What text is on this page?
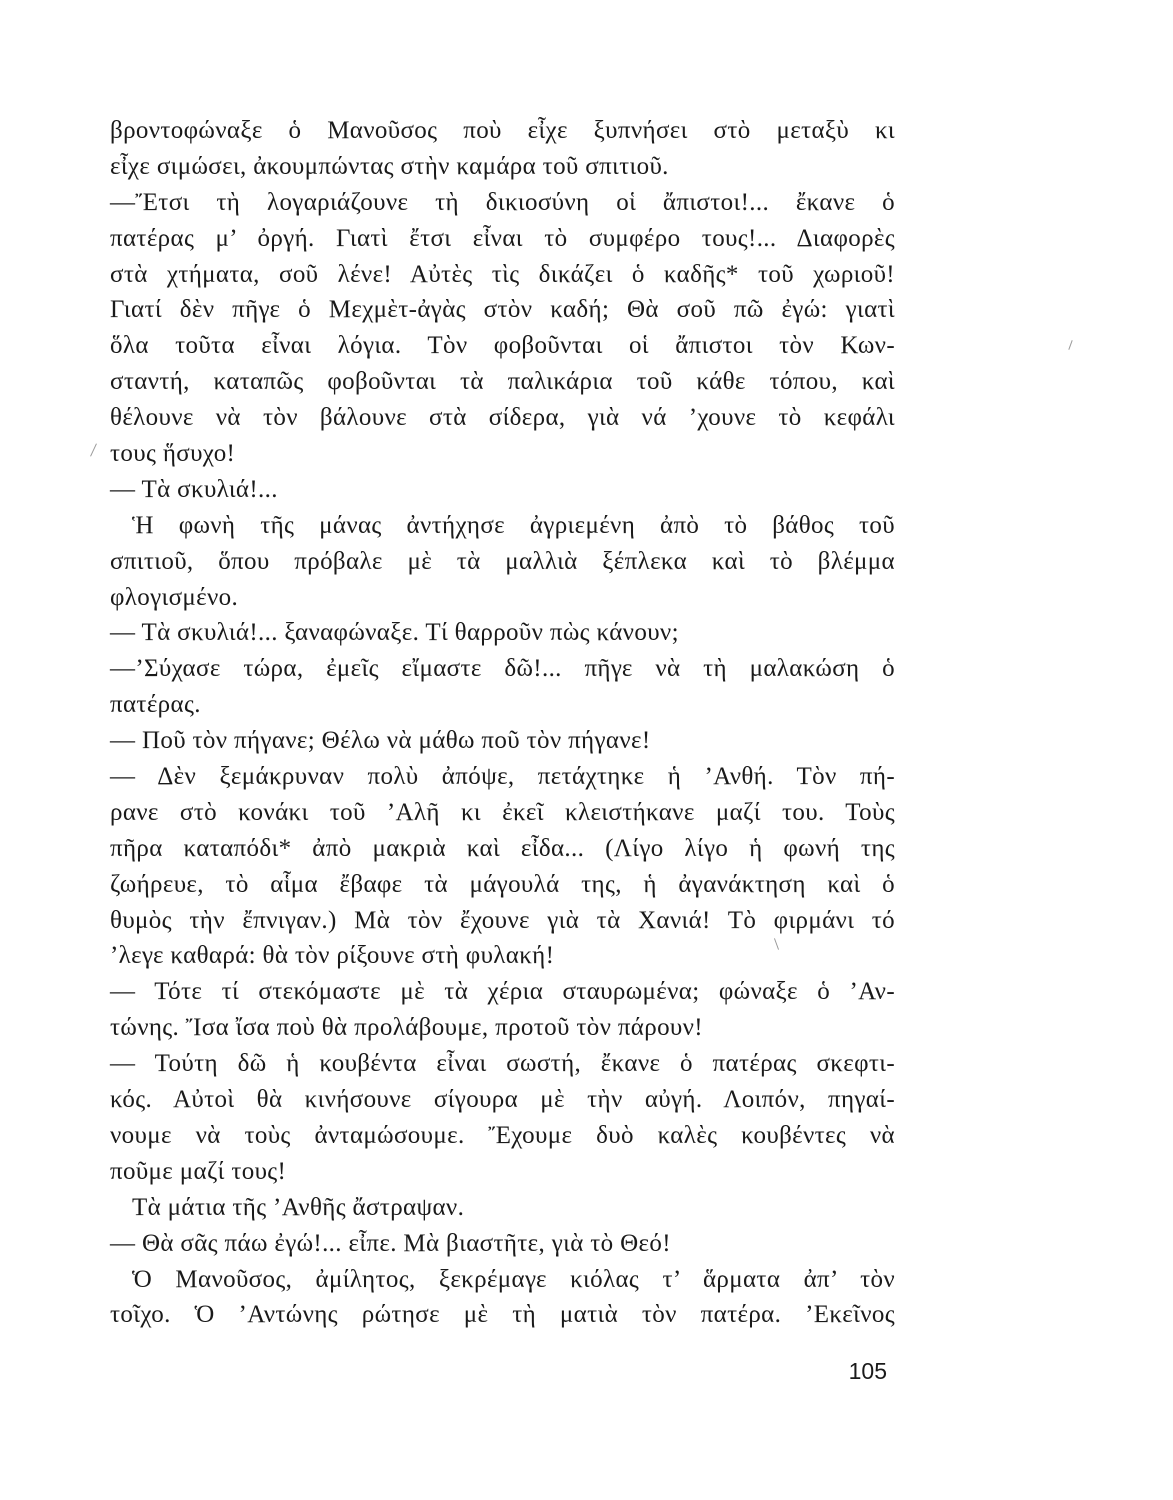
βροντοφώναξε ὁ Μανοῦσος ποὺ εἶχε ξυπνήσει στὸ μεταξὺ κι
εἶχε σιμώσει, ἀκουμπώντας στὴν καμάρα τοῦ σπιτιοῦ.
—Ἔτσι τὴ λογαριάζουνε τὴ δικιοσύνη οἱ ἄπιστοι!... ἔκανε ὁ
πατέρας μ’ ὀργή. Γιατὶ ἔτσι εἶναι τὸ συμφέρο τους!... Διαφορὲς
στὰ χτήματα, σοῦ λένε! Αὐτὲς τὶς δικάζει ὁ καδῆς* τοῦ χωριοῦ!
Γιατί δὲν πῆγε ὁ Μεχμὲτ-ἀγὰς στὸν καδή; Θὰ σοῦ πῶ ἐγώ: γιατὶ
ὅλα τοῦτα εἶναι λόγια. Τὸν φοβοῦνται οἱ ἄπιστοι τὸν Κων-
σταντή, καταπῶς φοβοῦνται τὰ παλικάρια τοῦ κάθε τόπου, καὶ
θέλουνε νὰ τὸν βάλουνε στὰ σίδερα, γιὰ νά ’χουνε τὸ κεφάλι
τους ἥσυχο!
— Τὰ σκυλιά!...
Ἡ φωνὴ τῆς μάνας ἀντήχησε ἀγριεμένη ἀπὸ τὸ βάθος τοῦ
σπιτιοῦ, ὅπου πρόβαλε μὲ τὰ μαλλιὰ ξέπλεκα καὶ τὸ βλέμμα
φλογισμένο.
— Τὰ σκυλιά!... ξαναφώναξε. Τί θαρροῦν πὼς κάνουν;
—’Σύχασε τώρα, ἐμεῖς εἴμαστε δῶ!... πῆγε νὰ τὴ μαλακώση ὁ
πατέρας.
— Ποῦ τὸν πήγανε; Θέλω νὰ μάθω ποῦ τὸν πήγανε!
— Δὲν ξεμάκρυναν πολὺ ἀπόψε, πετάχτηκε ἡ ’Ανθή. Τὸν πή-
ρανε στὸ κονάκι τοῦ ’Αλῆ κι ἐκεῖ κλειστήκανε μαζί του. Τοὺς
πῆρα καταπόδι* ἀπὸ μακριὰ καὶ εἶδα... (Λίγο λίγο ἡ φωνή της
ζωήρευε, τὸ αἷμα ἔβαφε τὰ μάγουλά της, ἡ ἀγανάκτηση καὶ ὁ
θυμὸς τὴν ἔπνιγαν.) Μὰ τὸν ἔχουνε γιὰ τὰ Χανιά! Τὸ φιρμάνι τό
’λεγε καθαρά: θὰ τὸν ρίξουνε στὴ φυλακή!
— Τότε τί στεκόμαστε μὲ τὰ χέρια σταυρωμένα; φώναξε ὁ ’Αν-
τώνης. Ἴσα ἴσα ποὺ θὰ προλάβουμε, προτοῦ τὸν πάρουν!
— Τούτη δῶ ἡ κουβέντα εἶναι σωστή, ἔκανε ὁ πατέρας σκεφτι-
κός. Αὐτοὶ θὰ κινήσουνε σίγουρα μὲ τὴν αὐγή. Λοιπόν, πηγαί-
νουμε νὰ τοὺς ἀνταμώσουμε. Ἔχουμε δυὸ καλὲς κουβέντες νὰ
ποῦμε μαζί τους!
Τὰ μάτια τῆς ’Ανθῆς ἄστραψαν.
— Θὰ σᾶς πάω ἐγώ!... εἶπε. Μὰ βιαστῆτε, γιὰ τὸ Θεό!
Ὁ Μανοῦσος, ἀμίλητος, ξεκρέμαγε κιόλας τ’ ἅρματα ἀπ’ τὸν
τοῖχο. Ὁ ’Αντώνης ρώτησε μὲ τὴ ματιὰ τὸν πατέρα. ’Εκεῖνος
105
